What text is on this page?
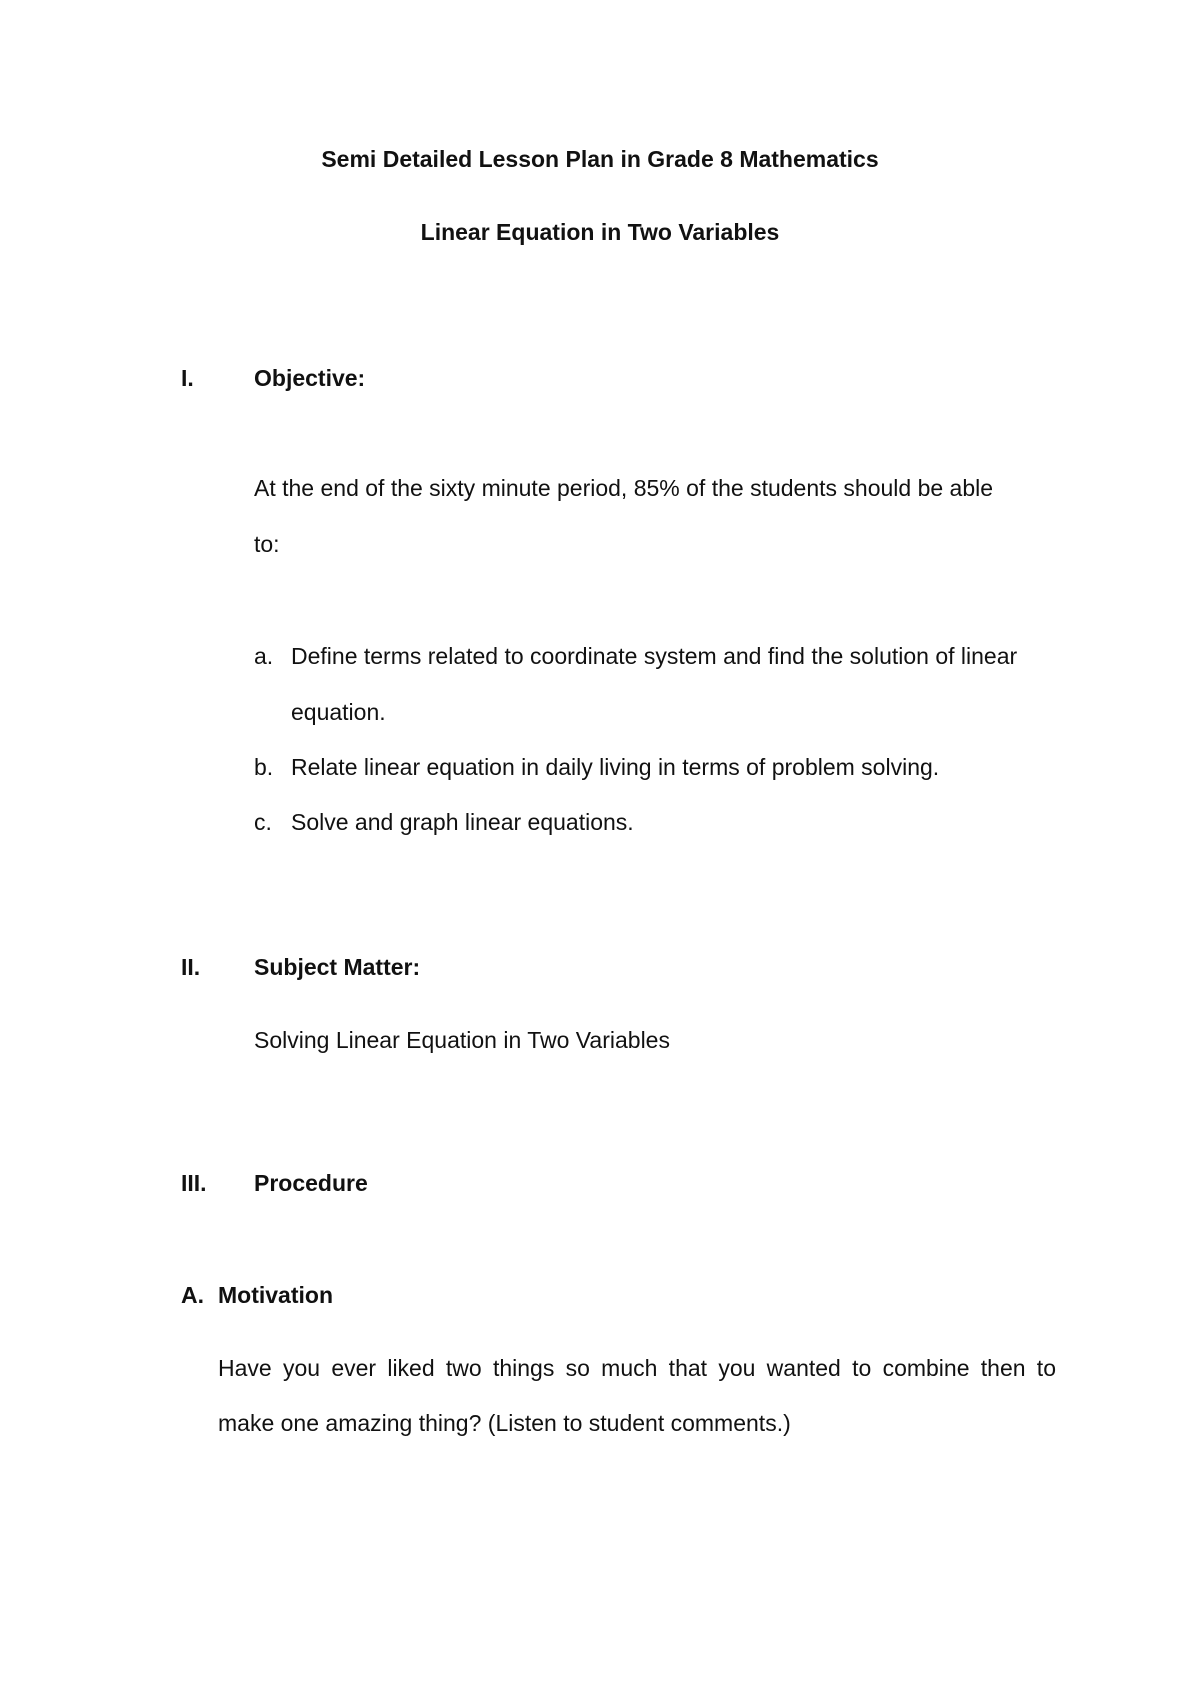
Semi Detailed Lesson Plan in Grade 8 Mathematics
Linear Equation in Two Variables
I.	Objective:
At the end of the sixty minute period, 85% of the students should be able
to:
a. Define terms related to coordinate system and find the solution of linear
equation.
b. Relate linear equation in daily living in terms of problem solving.
c. Solve and graph linear equations.
II. Subject Matter:
Solving Linear Equation in Two Variables
III. Procedure
A. Motivation
Have you ever liked two things so much that you wanted to combine then to
make one amazing thing? (Listen to student comments.)
